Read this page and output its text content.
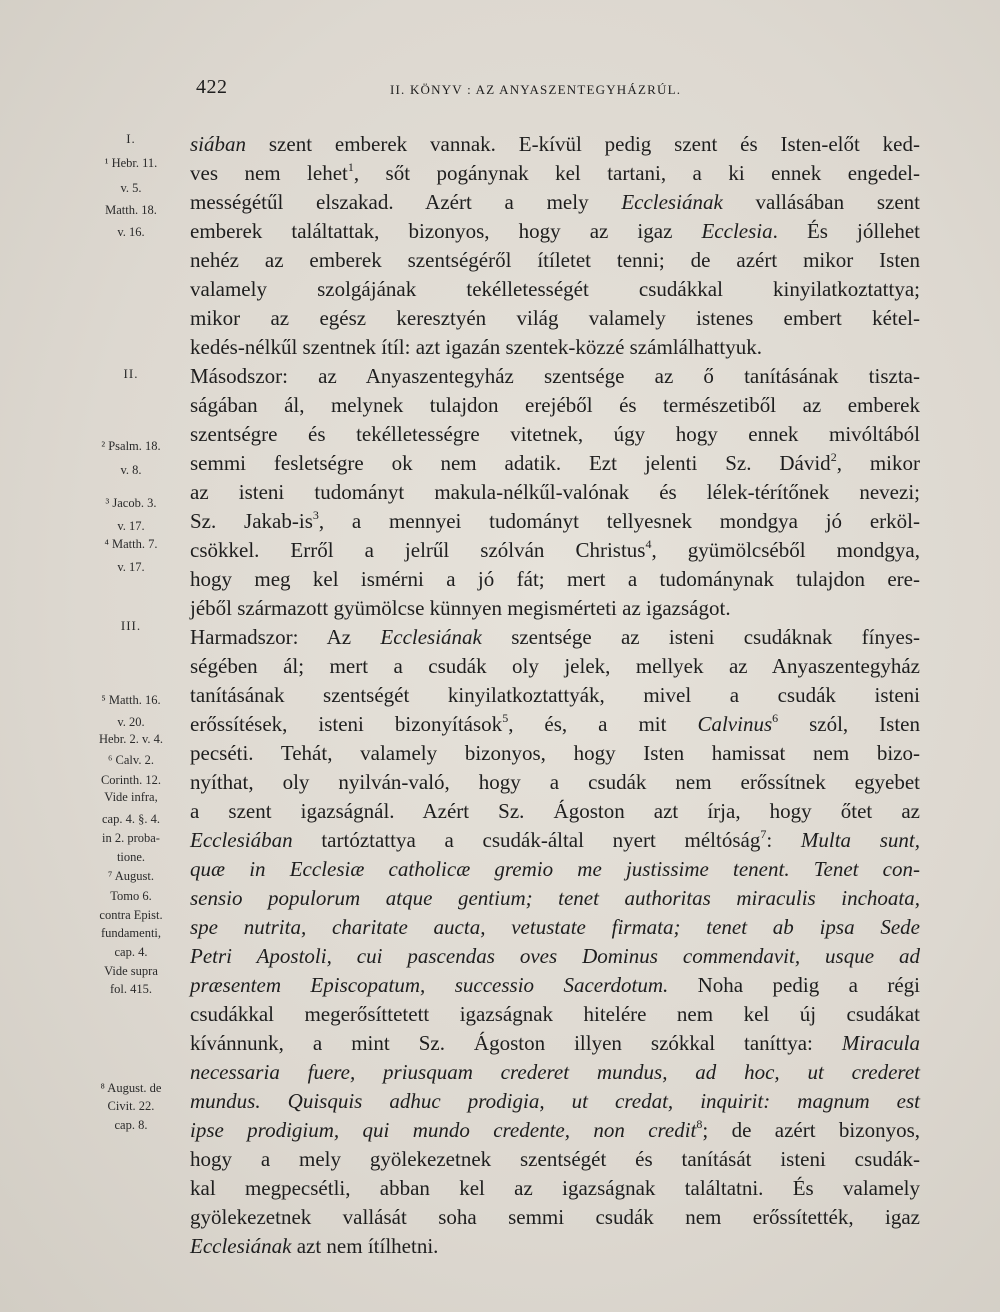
422	II. KÖNYV : AZ ANYASZENTEGYHÁZRÚL.
I.
¹ Hebr. 11.
v. 5.
Matth. 18.
v. 16.
II.
² Psalm. 18.
v. 8.
³ Jacob. 3.
v. 17.
⁴ Matth. 7.
v. 17.
III.
⁵ Matth. 16.
v. 20.
Hebr. 2. v. 4.
⁶ Calv. 2.
Corinth. 12.
Vide infra,
cap. 4. §. 4.
in 2. proba-
tione.
⁷ August.
Tomo 6.
contra Epist.
fundamenti,
cap. 4.
Vide supra
fol. 415.
⁸ August. de
Civit. 22.
cap. 8.
siában szent emberek vannak. E-kívül pedig szent és Isten-előt ked-
ves nem lehet$^1$, sőt pogánynak kel tartani, a ki ennek engedel-
mességétűl elszakad. Azért a mely Ecclesiának vallásában szent
emberek találtattak, bizonyos, hogy az igaz Ecclesia. És jóllehet
nehéz az emberek szentségéről ítíletet tenni; de azért mikor Isten
valamely szolgájának tekélletességét csudákkal kinyilatkoztattya;
mikor az egész keresztyén világ valamely istenes embert kétel-
kedés-nélkűl szentnek ítíl: azt igazán szentek-közzé számlálhattyuk.
Másodszor: az Anyaszentegyház szentsége az ő tanításának tiszta-
ságában ál, melynek tulajdon erejéből és természetiből az emberek
szentségre és tekélletességre vitetnek, úgy hogy ennek mivóltából
semmi fesletségre ok nem adatik. Ezt jelenti Sz. Dávid$^2$, mikor
az isteni tudományt makula-nélkűl-valónak és lélek-térítőnek nevezi;
Sz. Jakab-$is^3$, a mennyei tudományt tellyesnek mondgya jó erköl-
csökkel. Erről a jelrűl szólván Christus$^4$, gyümölcséből mondgya,
hogy meg kel ismérni a jó fát; mert a tudománynak tulajdon ere-
jéből származott gyümölcse künnyen megismérteti az igazságot.
Harmadszor: Az Ecclesiának szentsége az isteni csudáknak fínyes-
ségében ál; mert a csudák oly jelek, mellyek az Anyaszentegyház
tanításának szentségét kinyilatkoztattyák, mivel a csudák isteni
erőssítések, isteni bizonyítások$^5$, és, a mit Calvinus$^6$ szól, Isten
pecséti. Tehát, valamely bizonyos, hogy Isten hamissat nem bizo-
nyíthat, oly nyilván-való, hogy a csudák nem erőssítnek egyebet
a szent igazságnál. Azért Sz. Ágoston azt írja, hogy őtet az
Ecclesiában tartóztattya a csudák-által nyert méltóság$^7$: Multa sunt,
quæ in Ecclesiæ catholicæ gremio me justissime tenent. Tenet con-
sensio populorum atque gentium; tenet authoritas miraculis inchoata,
spe nutrita, charitate aucta, vetustate firmata; tenet ab ipsa Sede
Petri Apostoli, cui pascendas oves Dominus commendavit, usque ad
præsentem Episcopatum, successio Sacerdotum. Noha pedig a régi
csudákkal megerősíttetett igazságnak hitelére nem kel új csudákat
kívánnunk, a mint Sz. Ágoston illyen szókkal taníttya: Miracula
necessaria fuere, priusquam crederet mundus, ad hoc, ut crederet
mundus. Quisquis adhuc prodigia, ut credat, inquirit: magnum est
ipse prodigium, qui mundo credente, non credit$^8$; de azért bizonyos,
hogy a mely gyölekezetnek szentségét és tanítását isteni csudák-
kal megpecsétli, abban kel az igazságnak találtatni. És valamely
gyölekezetnek vallását soha semmi csudák nem erőssítették, igaz
Ecclesiának azt nem ítílhetni.
